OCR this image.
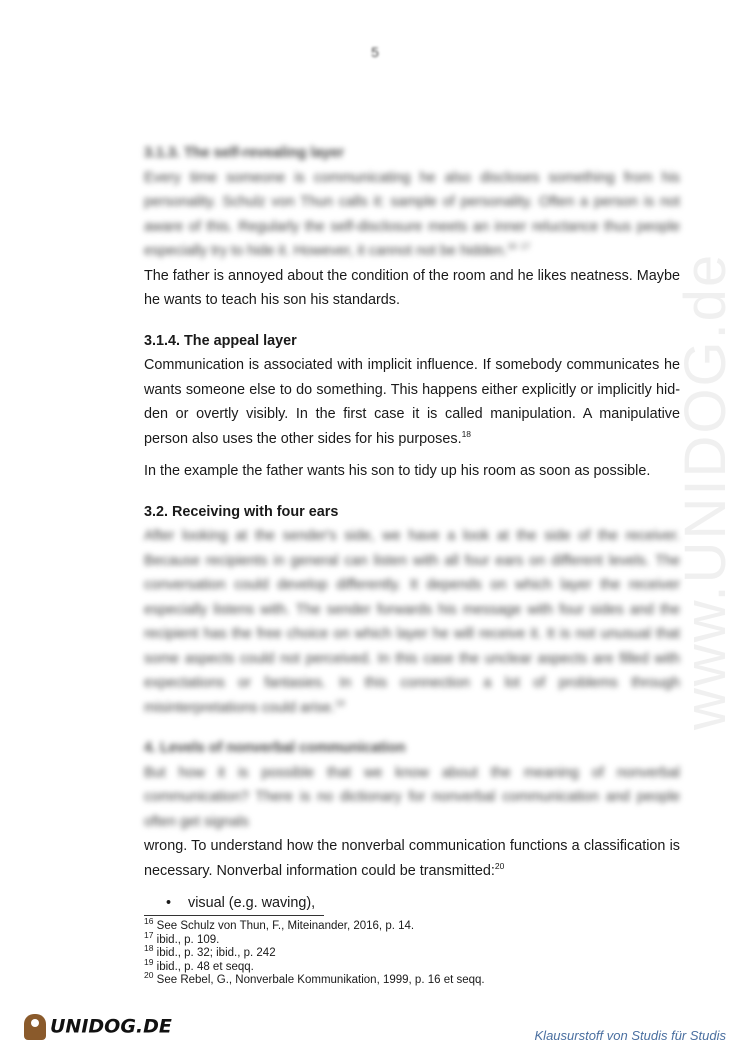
5
www.UNIDOG.de
3.1.3. The self-revealing layer

Every time someone is communicating he also discloses something from his personality. Schulz von Thun calls it: sample of personality. Often a person is not aware of this. Regularly the self-disclosure meets an inner reluctance thus people especially try to hide it. However, it cannot not be hidden.$^{16}$ $^{17}$

The father is annoyed about the condition of the room and he likes neatness. Maybe he wants to teach his son his standards.

3.1.4. The appeal layer

Communication is associated with implicit influence. If somebody communicates he wants someone else to do something. This happens either explicitly or implicitly hid-den or overtly visibly. In the first case it is called manipulation. A manipulative person also uses the other sides for his purposes.$^{18}$

In the example the father wants his son to tidy up his room as soon as possible.

3.2. Receiving with four ears

After looking at the sender's side, we have a look at the side of the receiver. Because recipients in general can listen with all four ears on different levels. The conversation could develop differently. It depends on which layer the receiver especially listens with. The sender forwards his message with four sides and the recipient has the free choice on which layer he will receive it. It is not unusual that some aspects could not perceived. In this case the unclear aspects are filled with expectations or fantasies. In this connection a lot of problems through misinterpretations could arise.$^{19}$

4. Levels of nonverbal communication

But how it is possible that we know about the meaning of nonverbal communication? There is no dictionary for nonverbal communication and people often get signals

wrong. To understand how the nonverbal communication functions a classification is necessary. Nonverbal information could be transmitted:$^{20}$

• visual (e.g. waving),

$^{16}$ See Schulz von Thun, F., Miteinander, 2016, p. 14.
$^{17}$ ibid., p. 109.
$^{18}$ ibid., p. 32; ibid., p. 242
$^{19}$ ibid., p. 48 et seqq.
$^{20}$ See Rebel, G., Nonverbale Kommunikation, 1999, p. 16 et seqq.
UNIDOG.DE	Klausurstoff von Studis für Studis
